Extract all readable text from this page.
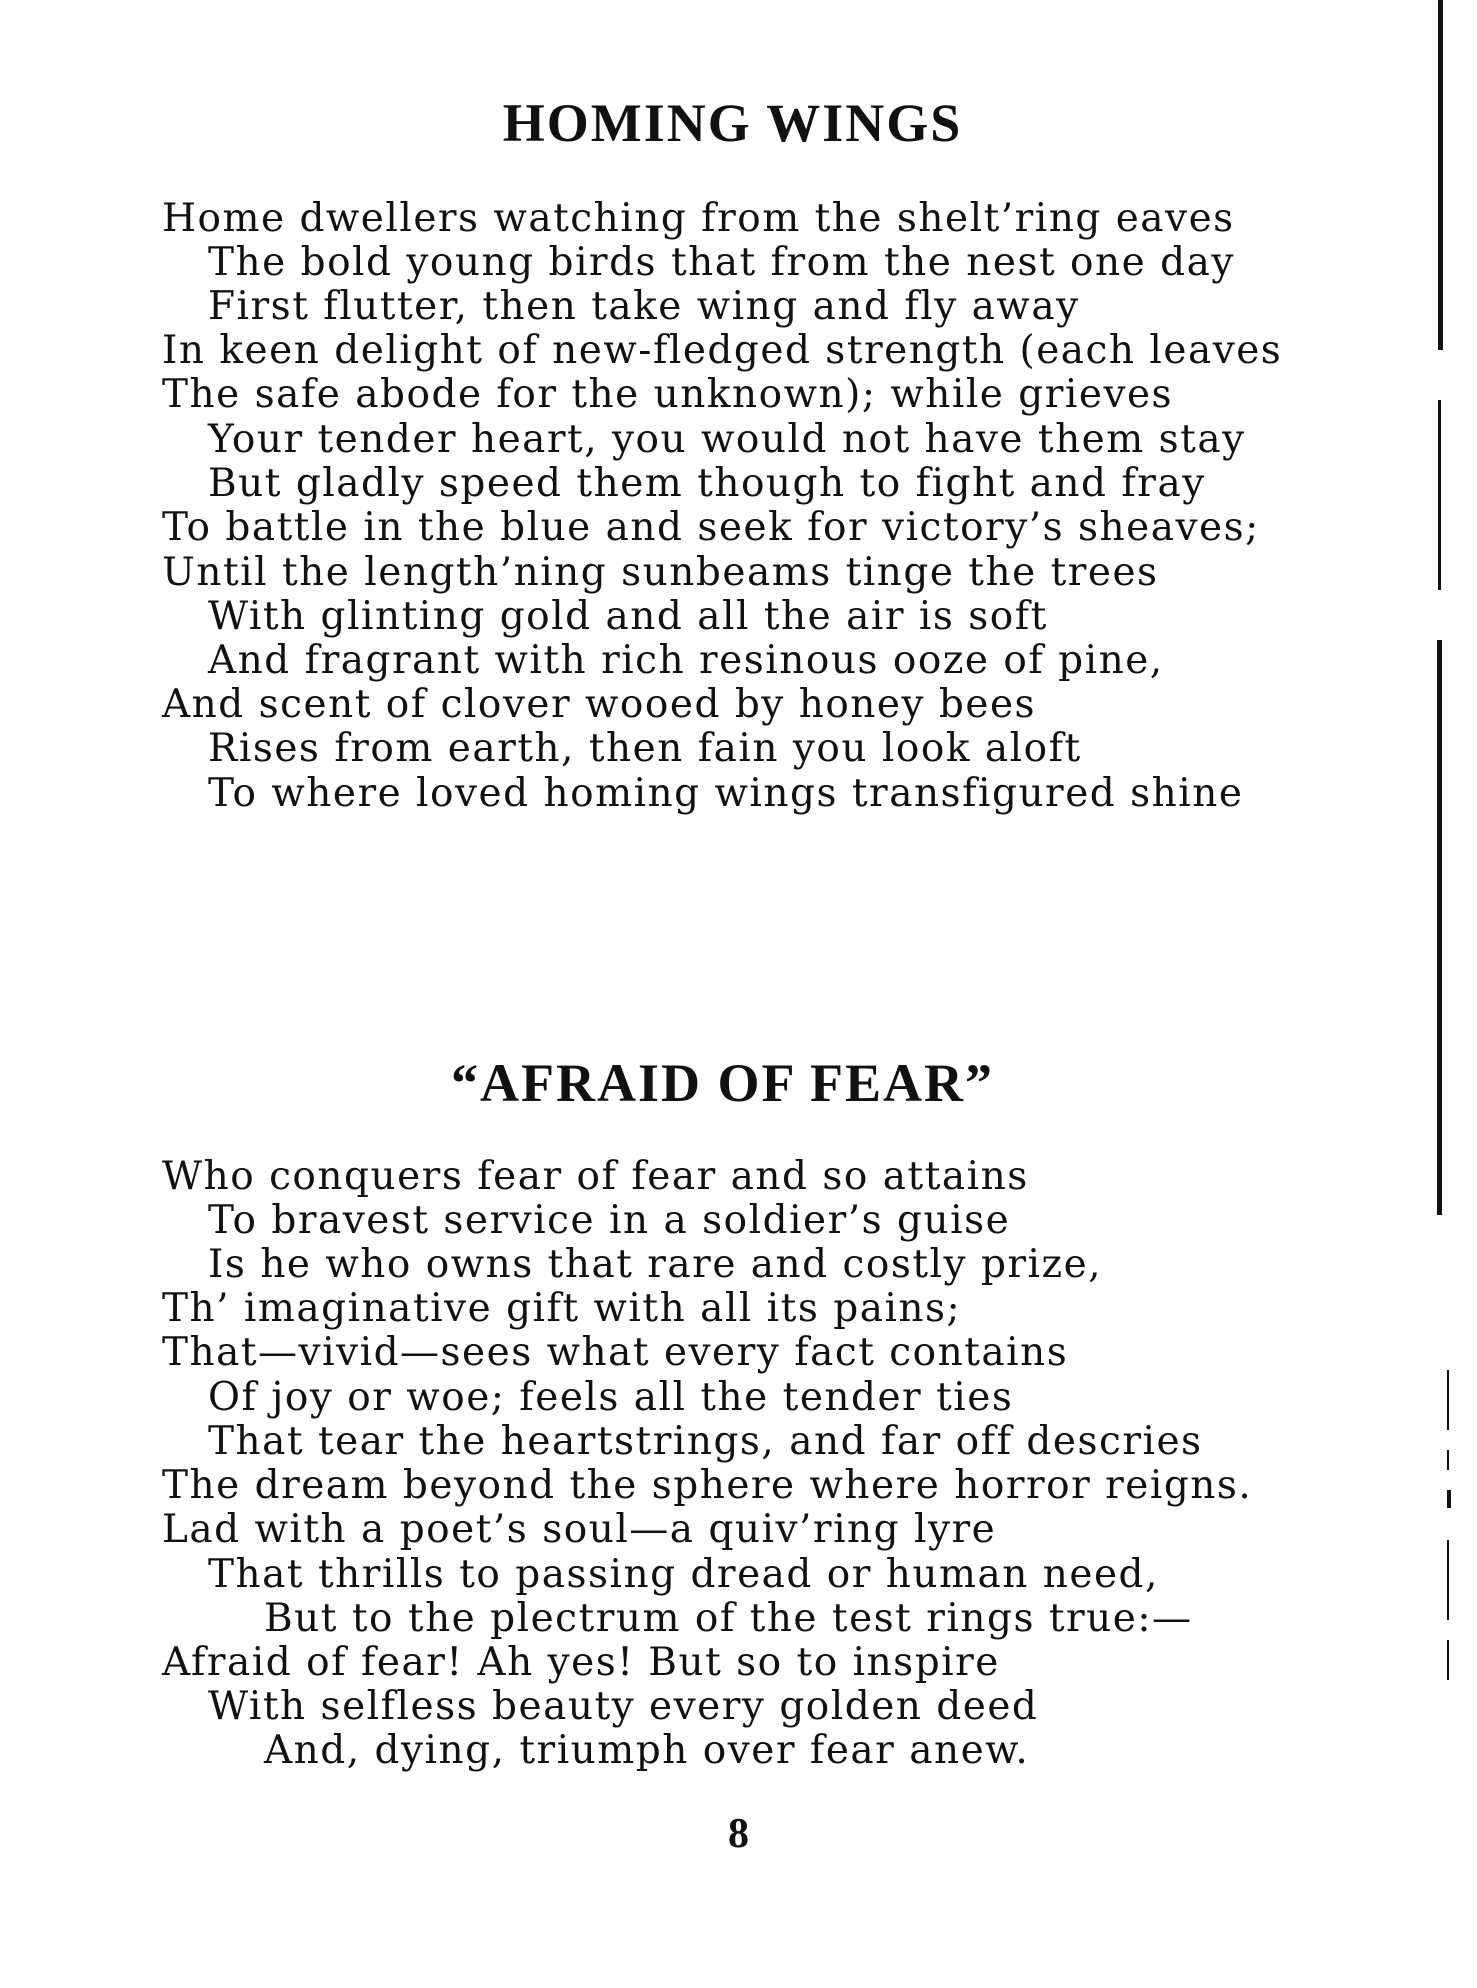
HOMING WINGS
Home dwellers watching from the shelt’ring eaves
The bold young birds that from the nest one day
First flutter, then take wing and fly away
In keen delight of new-fledged strength (each leaves
The safe abode for the unknown); while grieves
Your tender heart, you would not have them stay
But gladly speed them though to fight and fray
To battle in the blue and seek for victory’s sheaves;
Until the length’ning sunbeams tinge the trees
With glinting gold and all the air is soft
And fragrant with rich resinous ooze of pine,
And scent of clover wooed by honey bees
Rises from earth, then fain you look aloft
To where loved homing wings transfigured shine
“AFRAID OF FEAR”
Who conquers fear of fear and so attains
To bravest service in a soldier’s guise
Is he who owns that rare and costly prize,
Th’ imaginative gift with all its pains;
That—vivid—sees what every fact contains
Of joy or woe; feels all the tender ties
That tear the heartstrings, and far off descries
The dream beyond the sphere where horror reigns.
Lad with a poet’s soul—a quiv’ring lyre
That thrills to passing dread or human need,
But to the plectrum of the test rings true:—
Afraid of fear! Ah yes! But so to inspire
With selfless beauty every golden deed
And, dying, triumph over fear anew.
8
